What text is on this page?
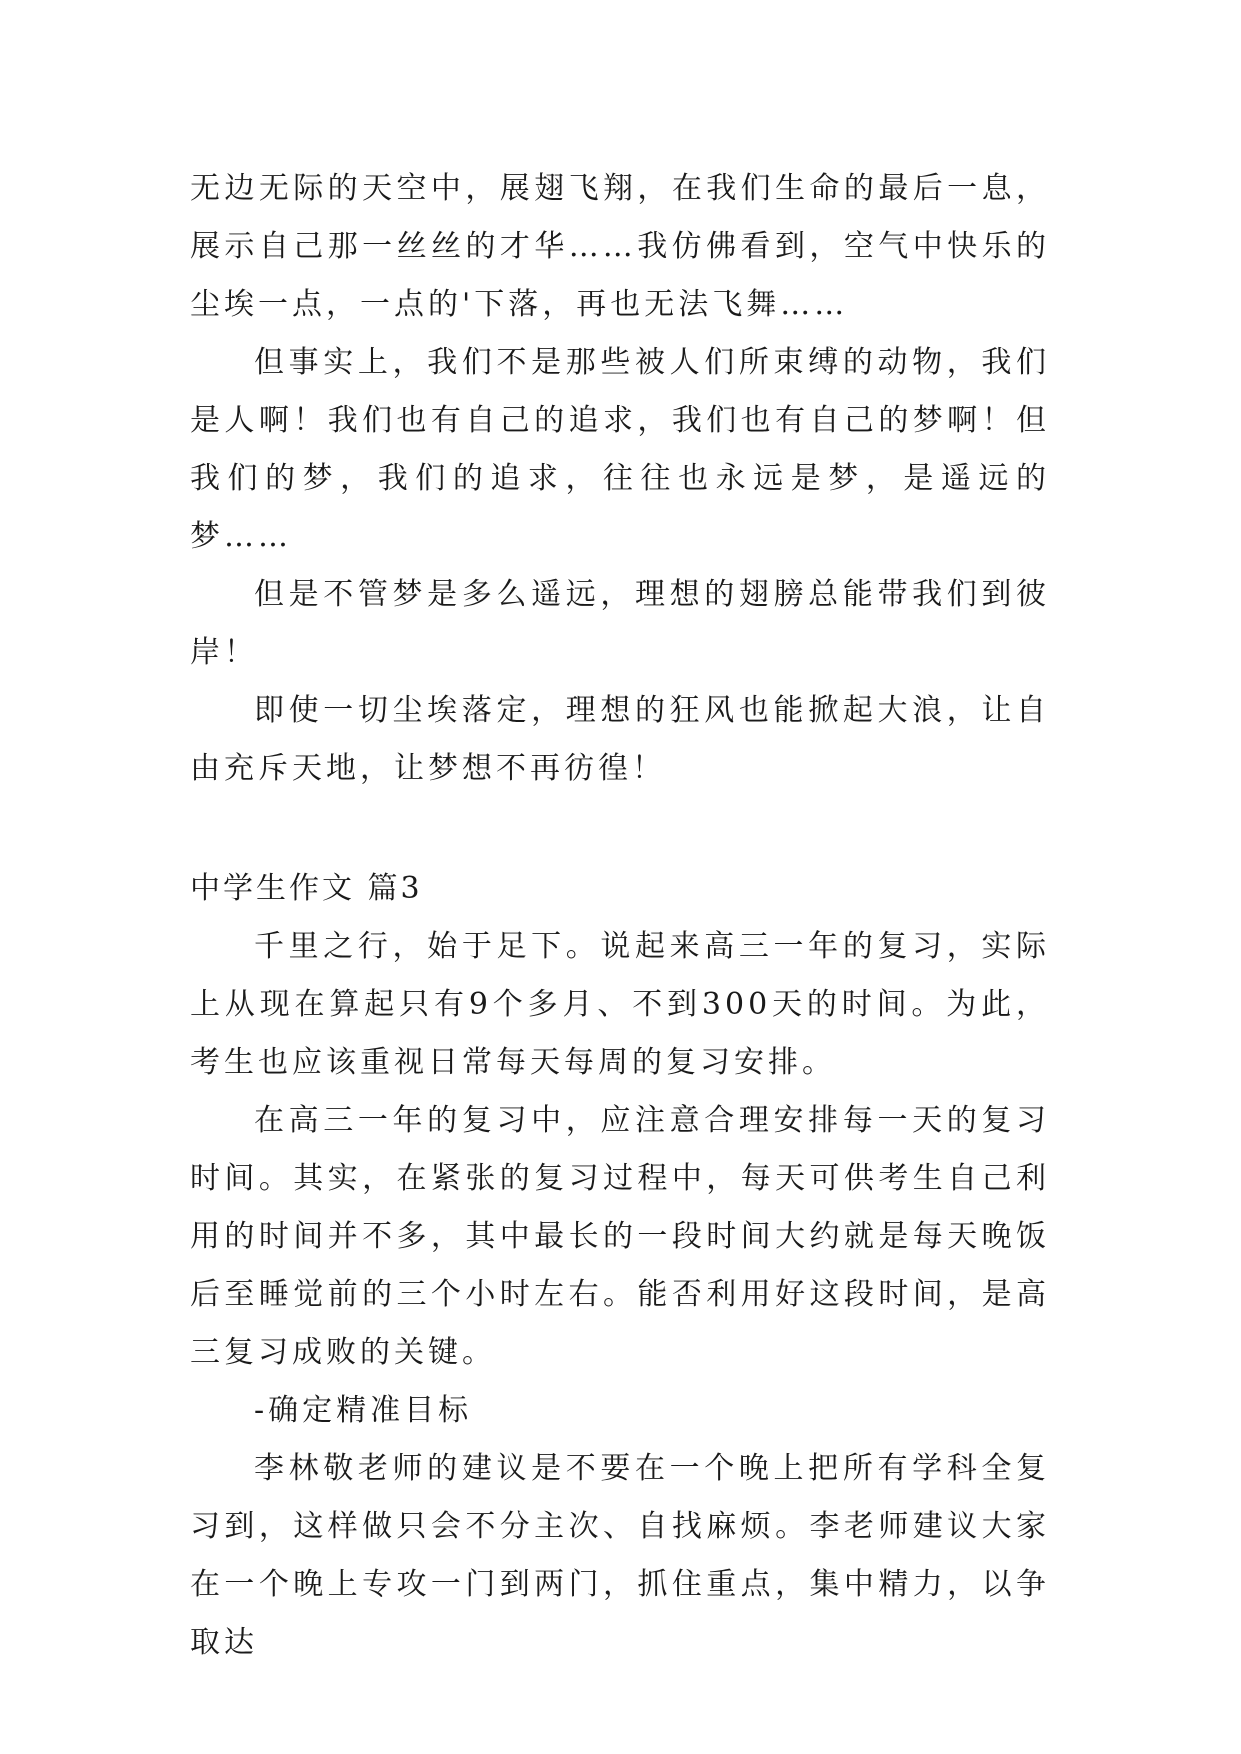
无边无际的天空中，展翅飞翔，在我们生命的最后一息，展示自己那一丝丝的才华……我仿佛看到，空气中快乐的尘埃一点，一点的'下落，再也无法飞舞……

但事实上，我们不是那些被人们所束缚的动物，我们是人啊！我们也有自己的追求，我们也有自己的梦啊！但我们的梦，我们的追求，往往也永远是梦，是遥远的梦……

但是不管梦是多么遥远，理想的翅膀总能带我们到彼岸！

即使一切尘埃落定，理想的狂风也能掀起大浪，让自由充斥天地，让梦想不再彷徨！

中学生作文 篇3

千里之行，始于足下。说起来高三一年的复习，实际上从现在算起只有9个多月、不到300天的时间。为此，考生也应该重视日常每天每周的复习安排。

在高三一年的复习中，应注意合理安排每一天的复习时间。其实，在紧张的复习过程中，每天可供考生自己利用的时间并不多，其中最长的一段时间大约就是每天晚饭后至睡觉前的三个小时左右。能否利用好这段时间，是高三复习成败的关键。

-确定精准目标

李林敬老师的建议是不要在一个晚上把所有学科全复习到，这样做只会不分主次、自找麻烦。李老师建议大家在一个晚上专攻一门到两门，抓住重点，集中精力，以争取达
